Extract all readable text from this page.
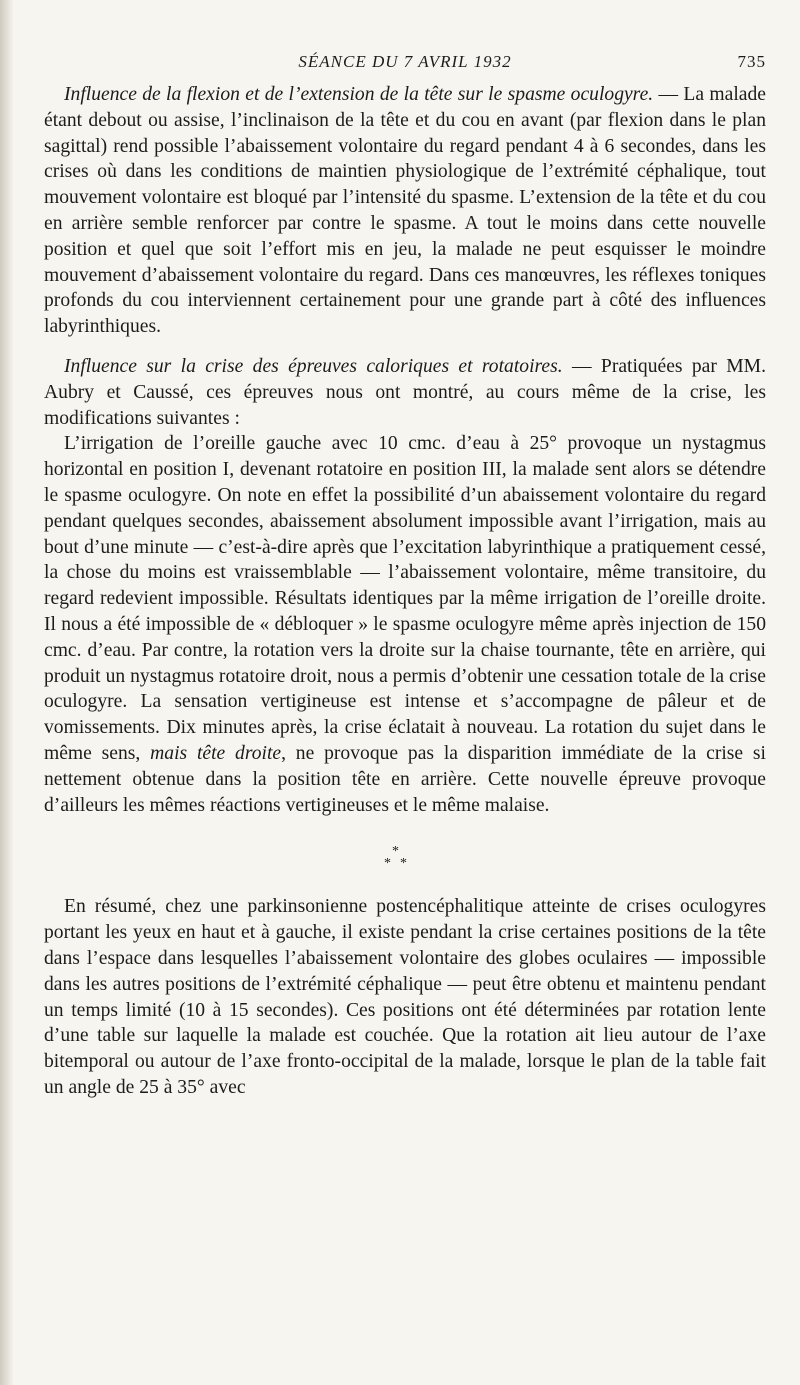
SÉANCE DU 7 AVRIL 1932	735

Influence de la flexion et de l’extension de la tête sur le spasme oculogyre. — La malade étant debout ou assise, l’inclinaison de la tête et du cou en avant (par flexion dans le plan sagittal) rend possible l’abaissement volontaire du regard pendant 4 à 6 secondes, dans les crises où dans les conditions de maintien physiologique de l’extrémité céphalique, tout mouvement volontaire est bloqué par l’intensité du spasme. L’extension de la tête et du cou en arrière semble renforcer par contre le spasme. A tout le moins dans cette nouvelle position et quel que soit l’effort mis en jeu, la malade ne peut esquisser le moindre mouvement d’abaissement volontaire du regard. Dans ces manœuvres, les réflexes toniques profonds du cou interviennent certainement pour une grande part à côté des influences labyrinthiques.

Influence sur la crise des épreuves caloriques et rotatoires. — Pratiquées par MM. Aubry et Caussé, ces épreuves nous ont montré, au cours même de la crise, les modifications suivantes :

L’irrigation de l’oreille gauche avec 10 cmc. d’eau à 25° provoque un nystagmus horizontal en position I, devenant rotatoire en position III, la malade sent alors se détendre le spasme oculogyre. On note en effet la possibilité d’un abaissement volontaire du regard pendant quelques secondes, abaissement absolument impossible avant l’irrigation, mais au bout d’une minute — c’est-à-dire après que l’excitation labyrinthique a pratiquement cessé, la chose du moins est vraissemblable — l’abaissement volontaire, même transitoire, du regard redevient impossible. Résultats identiques par la même irrigation de l’oreille droite. Il nous a été impossible de « débloquer » le spasme oculogyre même après injection de 150 cmc. d’eau. Par contre, la rotation vers la droite sur la chaise tournante, tête en arrière, qui produit un nystagmus rotatoire droit, nous a permis d’obtenir une cessation totale de la crise oculogyre. La sensation vertigineuse est intense et s’accompagne de pâleur et de vomissements. Dix minutes après, la crise éclatait à nouveau. La rotation du sujet dans le même sens, mais tête droite, ne provoque pas la disparition immédiate de la crise si nettement obtenue dans la position tête en arrière. Cette nouvelle épreuve provoque d’ailleurs les mêmes réactions vertigineuses et le même malaise.

*
* *

En résumé, chez une parkinsonienne postencéphalitique atteinte de crises oculogyres portant les yeux en haut et à gauche, il existe pendant la crise certaines positions de la tête dans l’espace dans lesquelles l’abaissement volontaire des globes oculaires — impossible dans les autres positions de l’extrémité céphalique — peut être obtenu et maintenu pendant un temps limité (10 à 15 secondes). Ces positions ont été déterminées par rotation lente d’une table sur laquelle la malade est couchée. Que la rotation ait lieu autour de l’axe bitemporal ou autour de l’axe fronto-occipital de la malade, lorsque le plan de la table fait un angle de 25 à 35° avec
